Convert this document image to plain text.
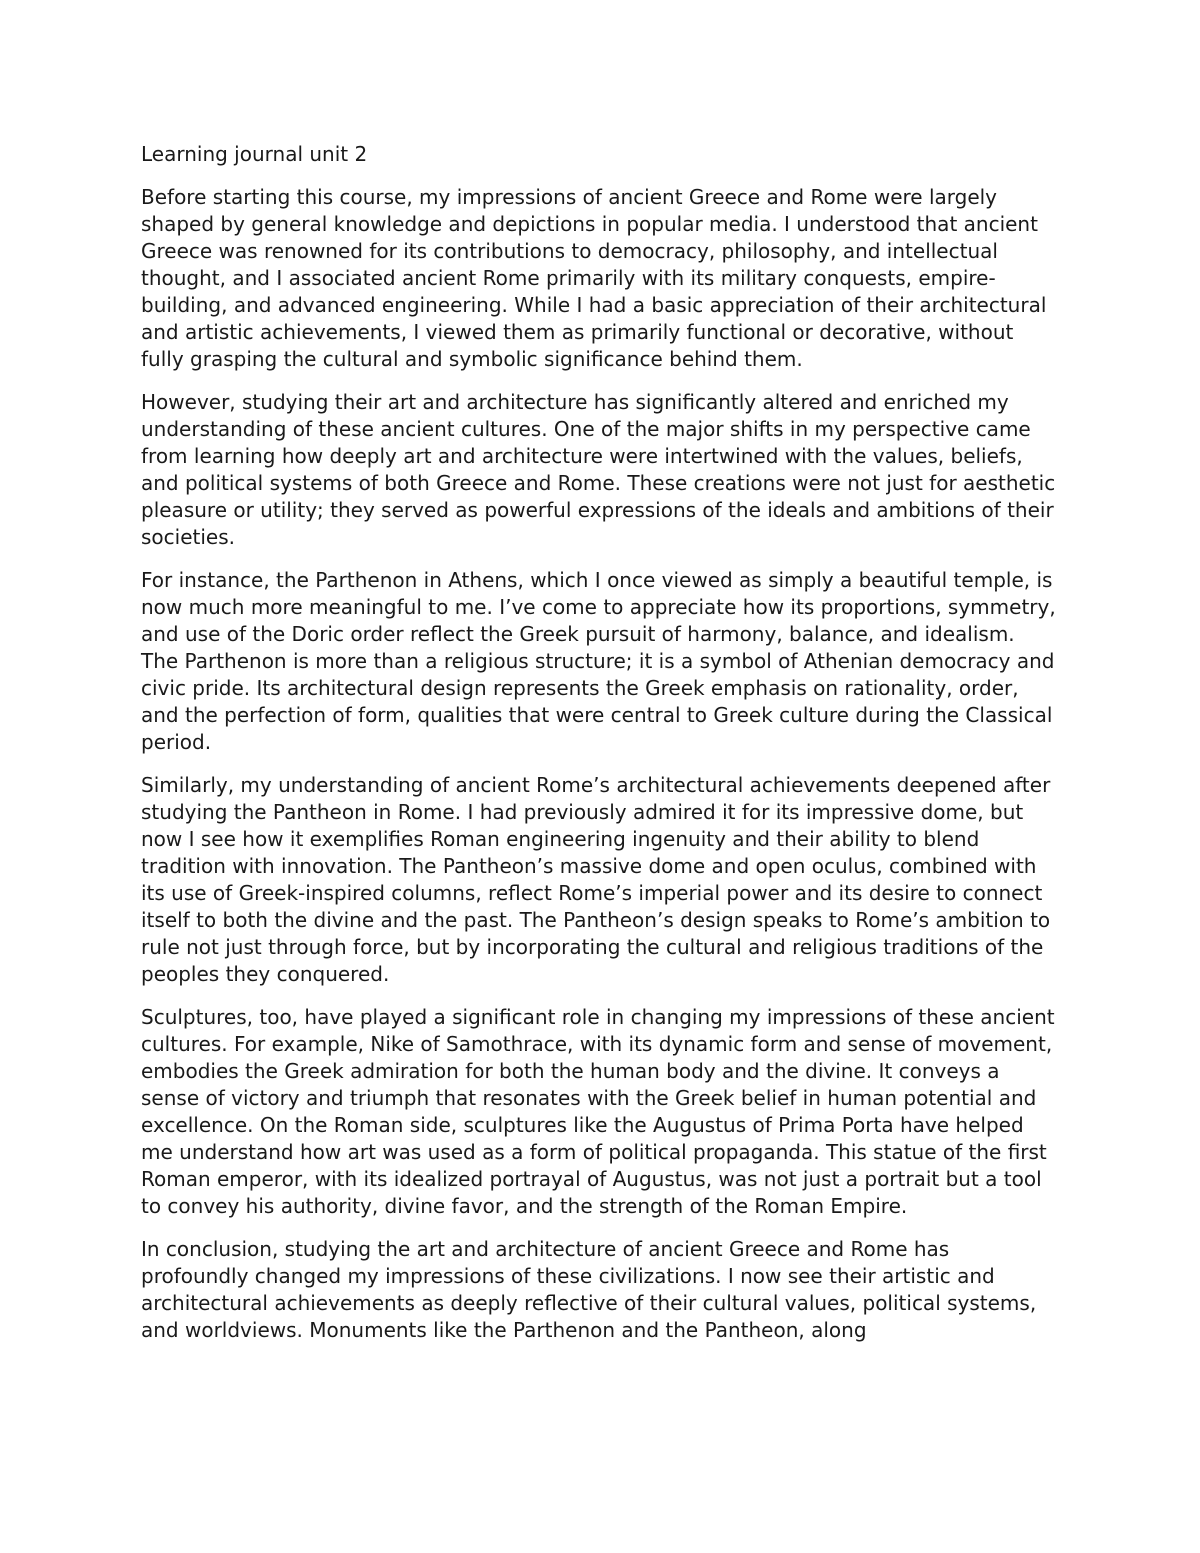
Learning journal unit 2

Before starting this course, my impressions of ancient Greece and Rome were largely shaped by general knowledge and depictions in popular media. I understood that ancient Greece was renowned for its contributions to democracy, philosophy, and intellectual thought, and I associated ancient Rome primarily with its military conquests, empire-building, and advanced engineering. While I had a basic appreciation of their architectural and artistic achievements, I viewed them as primarily functional or decorative, without fully grasping the cultural and symbolic significance behind them.

However, studying their art and architecture has significantly altered and enriched my understanding of these ancient cultures. One of the major shifts in my perspective came from learning how deeply art and architecture were intertwined with the values, beliefs, and political systems of both Greece and Rome. These creations were not just for aesthetic pleasure or utility; they served as powerful expressions of the ideals and ambitions of their societies.

For instance, the Parthenon in Athens, which I once viewed as simply a beautiful temple, is now much more meaningful to me. I’ve come to appreciate how its proportions, symmetry, and use of the Doric order reflect the Greek pursuit of harmony, balance, and idealism. The Parthenon is more than a religious structure; it is a symbol of Athenian democracy and civic pride. Its architectural design represents the Greek emphasis on rationality, order, and the perfection of form, qualities that were central to Greek culture during the Classical period.

Similarly, my understanding of ancient Rome’s architectural achievements deepened after studying the Pantheon in Rome. I had previously admired it for its impressive dome, but now I see how it exemplifies Roman engineering ingenuity and their ability to blend tradition with innovation. The Pantheon’s massive dome and open oculus, combined with its use of Greek-inspired columns, reflect Rome’s imperial power and its desire to connect itself to both the divine and the past. The Pantheon’s design speaks to Rome’s ambition to rule not just through force, but by incorporating the cultural and religious traditions of the peoples they conquered.

Sculptures, too, have played a significant role in changing my impressions of these ancient cultures. For example, Nike of Samothrace, with its dynamic form and sense of movement, embodies the Greek admiration for both the human body and the divine. It conveys a sense of victory and triumph that resonates with the Greek belief in human potential and excellence. On the Roman side, sculptures like the Augustus of Prima Porta have helped me understand how art was used as a form of political propaganda. This statue of the first Roman emperor, with its idealized portrayal of Augustus, was not just a portrait but a tool to convey his authority, divine favor, and the strength of the Roman Empire.

In conclusion, studying the art and architecture of ancient Greece and Rome has profoundly changed my impressions of these civilizations. I now see their artistic and architectural achievements as deeply reflective of their cultural values, political systems, and worldviews. Monuments like the Parthenon and the Pantheon, along
